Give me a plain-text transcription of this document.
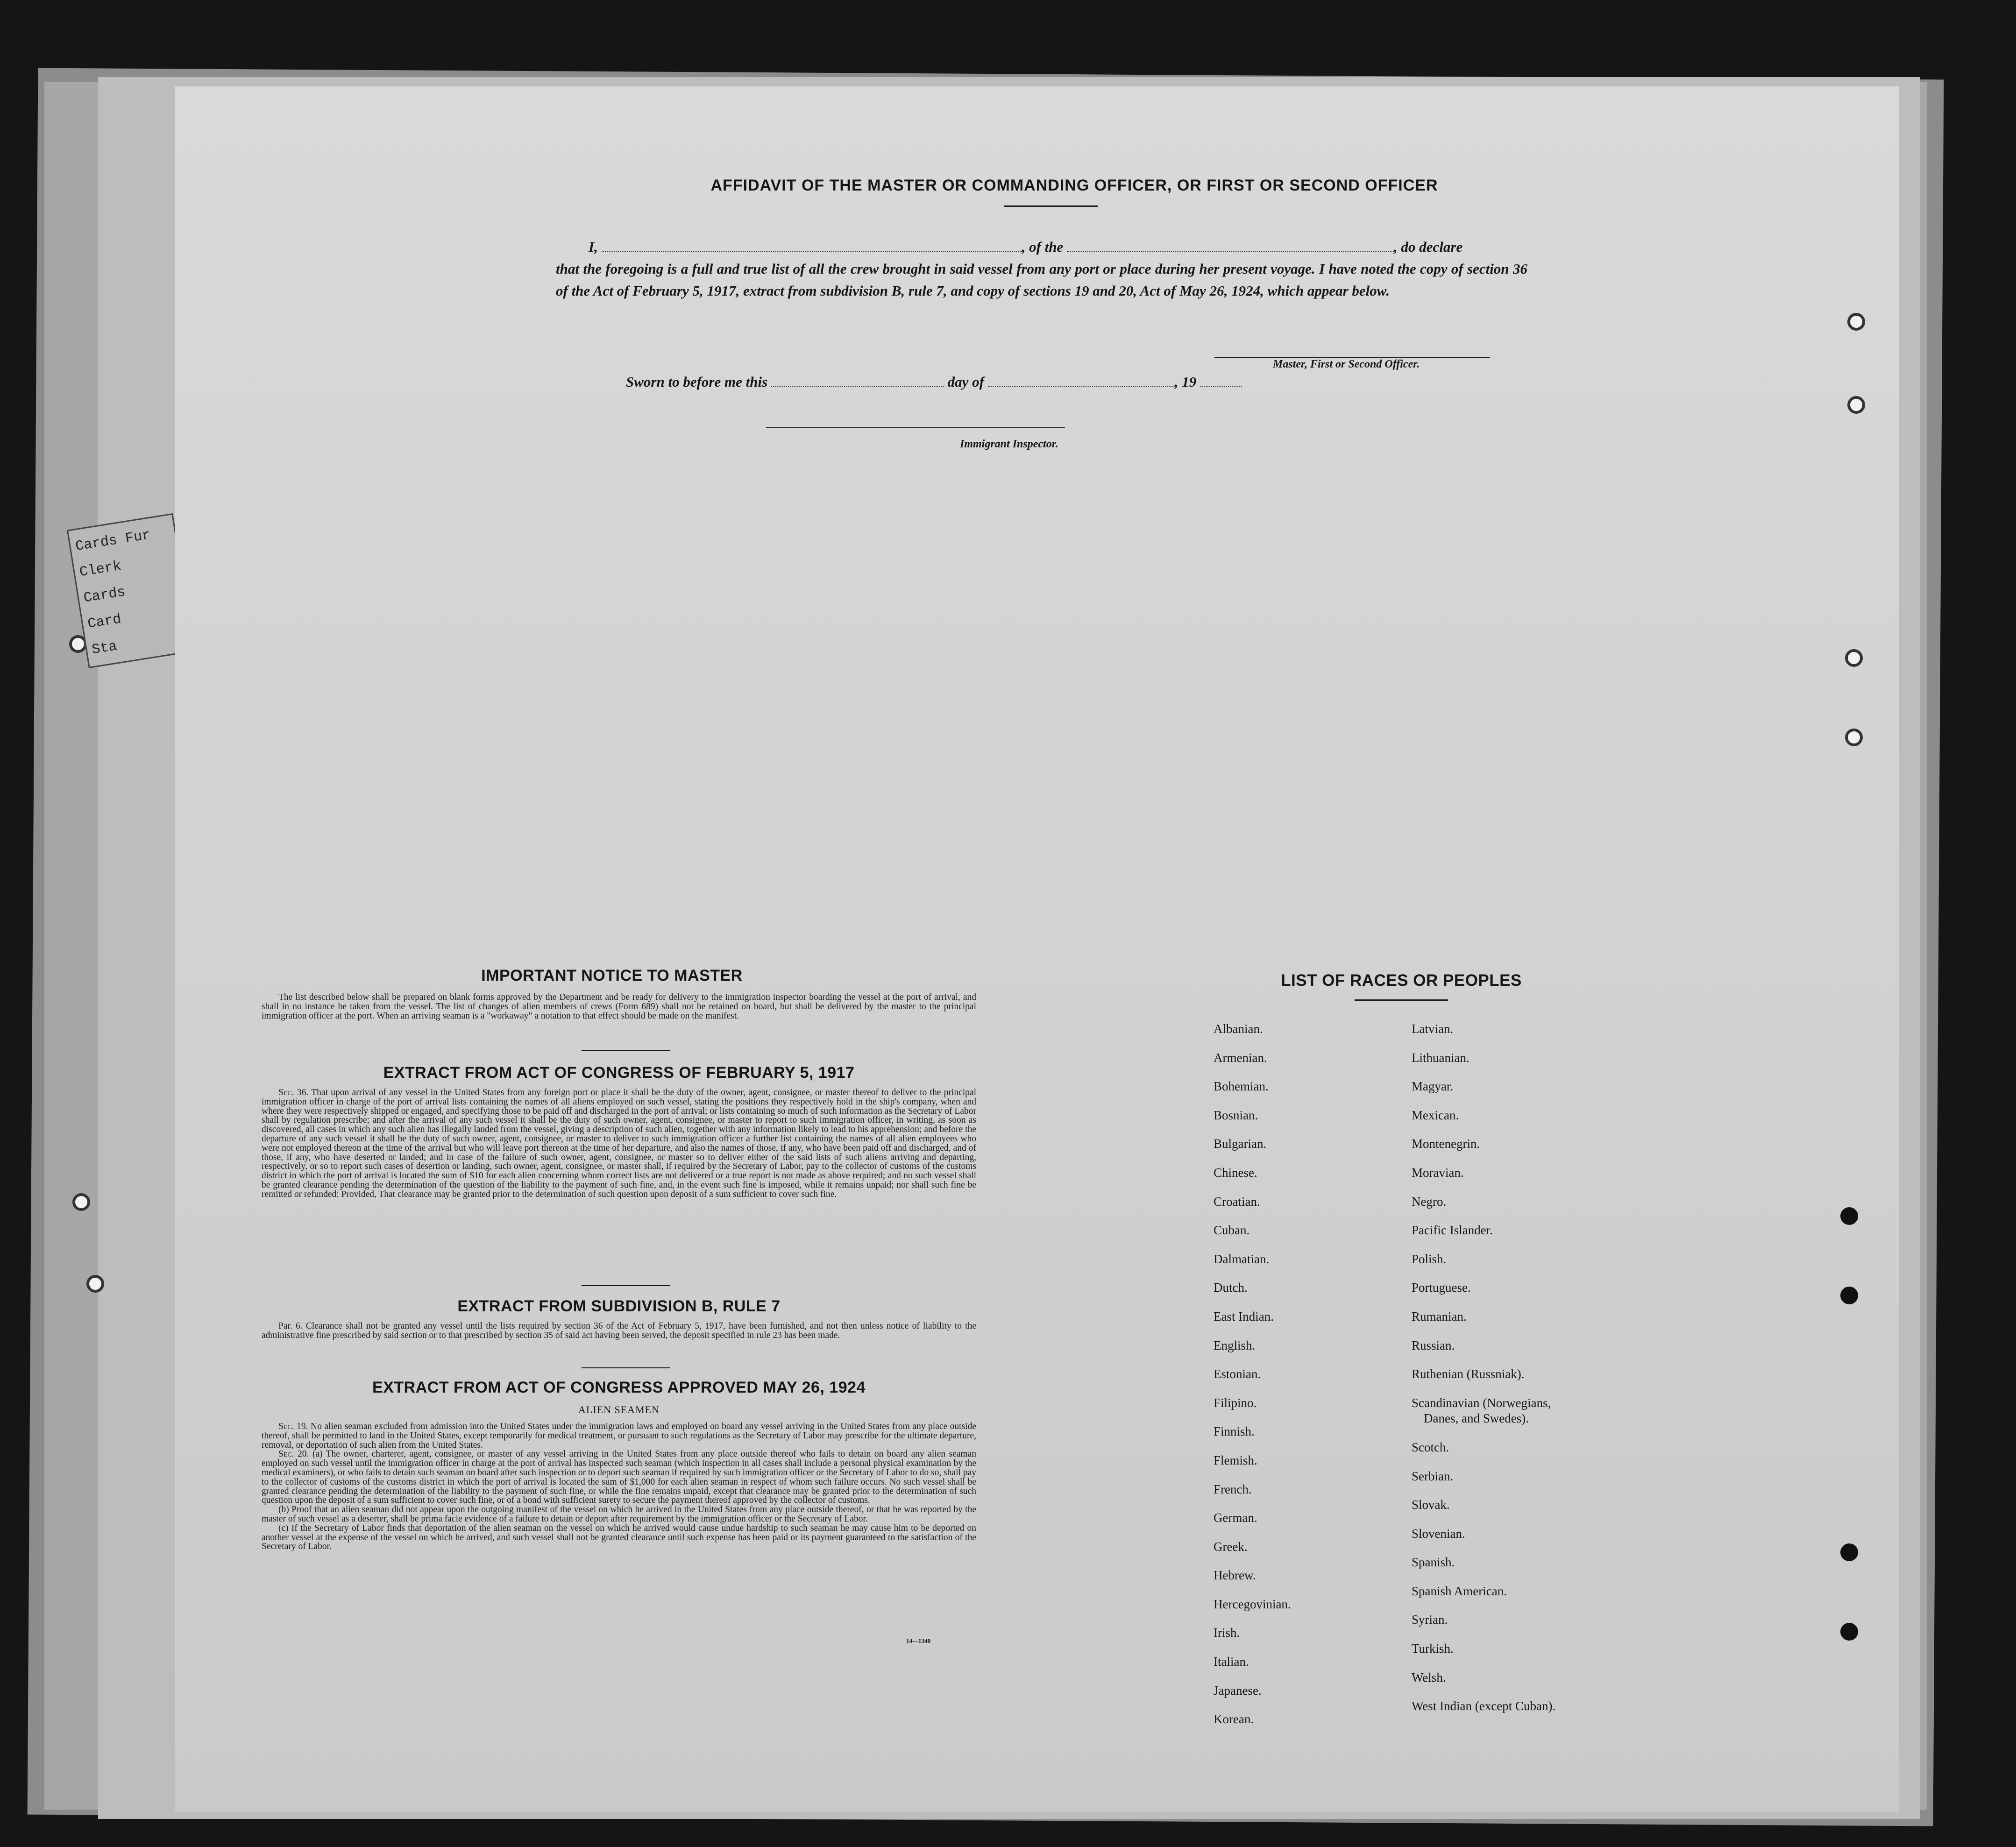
Cards Fur
Clerk
Cards
Card
Sta
AFFIDAVIT OF THE MASTER OR COMMANDING OFFICER, OR FIRST OR SECOND OFFICER
I,	, of the	, do declare
that the foregoing is a full and true list of all the crew brought in said vessel from any port or place during her present voyage. I have noted the copy of section 36 of the Act of February 5, 1917, extract from subdivision B, rule 7, and copy of sections 19 and 20, Act of May 26, 1924, which appear below.
Master, First or Second Officer.
Sworn to before me this	day of	, 19
Immigrant Inspector.
IMPORTANT NOTICE TO MASTER

The list described below shall be prepared on blank forms approved by the Department and be ready for delivery to the immigration inspector boarding the vessel at the port of arrival, and shall in no instance be taken from the vessel. The list of changes of alien members of crews (Form 689) shall not be retained on board, but shall be delivered by the master to the principal immigration officer at the port. When an arriving seaman is a "workaway" a notation to that effect should be made on the manifest.

EXTRACT FROM ACT OF CONGRESS OF FEBRUARY 5, 1917

Sec. 36. That upon arrival of any vessel in the United States from any foreign port or place it shall be the duty of the owner, agent, consignee, or master thereof to deliver to the principal immigration officer in charge of the port of arrival lists containing the names of all aliens employed on such vessel, stating the positions they respectively hold in the ship's company, when and where they were respectively shipped or engaged, and specifying those to be paid off and discharged in the port of arrival; or lists containing so much of such information as the Secretary of Labor shall by regulation prescribe; and after the arrival of any such vessel it shall be the duty of such owner, agent, consignee, or master to report to such immigration officer, in writing, as soon as discovered, all cases in which any such alien has illegally landed from the vessel, giving a description of such alien, together with any information likely to lead to his apprehension; and before the departure of any such vessel it shall be the duty of such owner, agent, consignee, or master to deliver to such immigration officer a further list containing the names of all alien employees who were not employed thereon at the time of the arrival but who will leave port thereon at the time of her departure, and also the names of those, if any, who have been paid off and discharged, and of those, if any, who have deserted or landed; and in case of the failure of such owner, agent, consignee, or master so to deliver either of the said lists of such aliens arriving and departing, respectively, or so to report such cases of desertion or landing, such owner, agent, consignee, or master shall, if required by the Secretary of Labor, pay to the collector of customs of the customs district in which the port of arrival is located the sum of $10 for each alien concerning whom correct lists are not delivered or a true report is not made as above required; and no such vessel shall be granted clearance pending the determination of the question of the liability to the payment of such fine, and, in the event such fine is imposed, while it remains unpaid; nor shall such fine be remitted or refunded: Provided, That clearance may be granted prior to the determination of such question upon deposit of a sum sufficient to cover such fine.

EXTRACT FROM SUBDIVISION B, RULE 7

Par. 6. Clearance shall not be granted any vessel until the lists required by section 36 of the Act of February 5, 1917, have been furnished, and not then unless notice of liability to the administrative fine prescribed by said section or to that prescribed by section 35 of said act having been served, the deposit specified in rule 23 has been made.

EXTRACT FROM ACT OF CONGRESS APPROVED MAY 26, 1924
ALIEN SEAMEN

Sec. 19. No alien seaman excluded from admission into the United States under the immigration laws and employed on board any vessel arriving in the United States from any place outside thereof, shall be permitted to land in the United States, except temporarily for medical treatment, or pursuant to such regulations as the Secretary of Labor may prescribe for the ultimate departure, removal, or deportation of such alien from the United States.

Sec. 20. (a) The owner, charterer, agent, consignee, or master of any vessel arriving in the United States from any place outside thereof who fails to detain on board any alien seaman employed on such vessel until the immigration officer in charge at the port of arrival has inspected such seaman (which inspection in all cases shall include a personal physical examination by the medical examiners), or who fails to detain such seaman on board after such inspection or to deport such seaman if required by such immigration officer or the Secretary of Labor to do so, shall pay to the collector of customs of the customs district in which the port of arrival is located the sum of $1,000 for each alien seaman in respect of whom such failure occurs. No such vessel shall be granted clearance pending the determination of the liability to the payment of such fine, or while the fine remains unpaid, except that clearance may be granted prior to the determination of such question upon the deposit of a sum sufficient to cover such fine, or of a bond with sufficient surety to secure the payment thereof approved by the collector of customs.

(b) Proof that an alien seaman did not appear upon the outgoing manifest of the vessel on which he arrived in the United States from any place outside thereof, or that he was reported by the master of such vessel as a deserter, shall be prima facie evidence of a failure to detain or deport after requirement by the immigration officer or the Secretary of Labor.

(c) If the Secretary of Labor finds that deportation of the alien seaman on the vessel on which he arrived would cause undue hardship to such seaman he may cause him to be deported on another vessel at the expense of the vessel on which he arrived, and such vessel shall not be granted clearance until such expense has been paid or its payment guaranteed to the satisfaction of the Secretary of Labor.

14—1340
LIST OF RACES OR PEOPLES
Albanian.
Armenian.
Bohemian.
Bosnian.
Bulgarian.
Chinese.
Croatian.
Cuban.
Dalmatian.
Dutch.
East Indian.
English.
Estonian.
Filipino.
Finnish.
Flemish.
French.
German.
Greek.
Hebrew.
Hercegovinian.
Irish.
Italian.
Japanese.
Korean.
Latvian.
Lithuanian.
Magyar.
Mexican.
Montenegrin.
Moravian.
Negro.
Pacific Islander.
Polish.
Portuguese.
Rumanian.
Russian.
Ruthenian (Russniak).
Scandinavian (Norwegians,
Danes, and Swedes).
Scotch.
Serbian.
Slovak.
Slovenian.
Spanish.
Spanish American.
Syrian.
Turkish.
Welsh.
West Indian (except Cuban).
